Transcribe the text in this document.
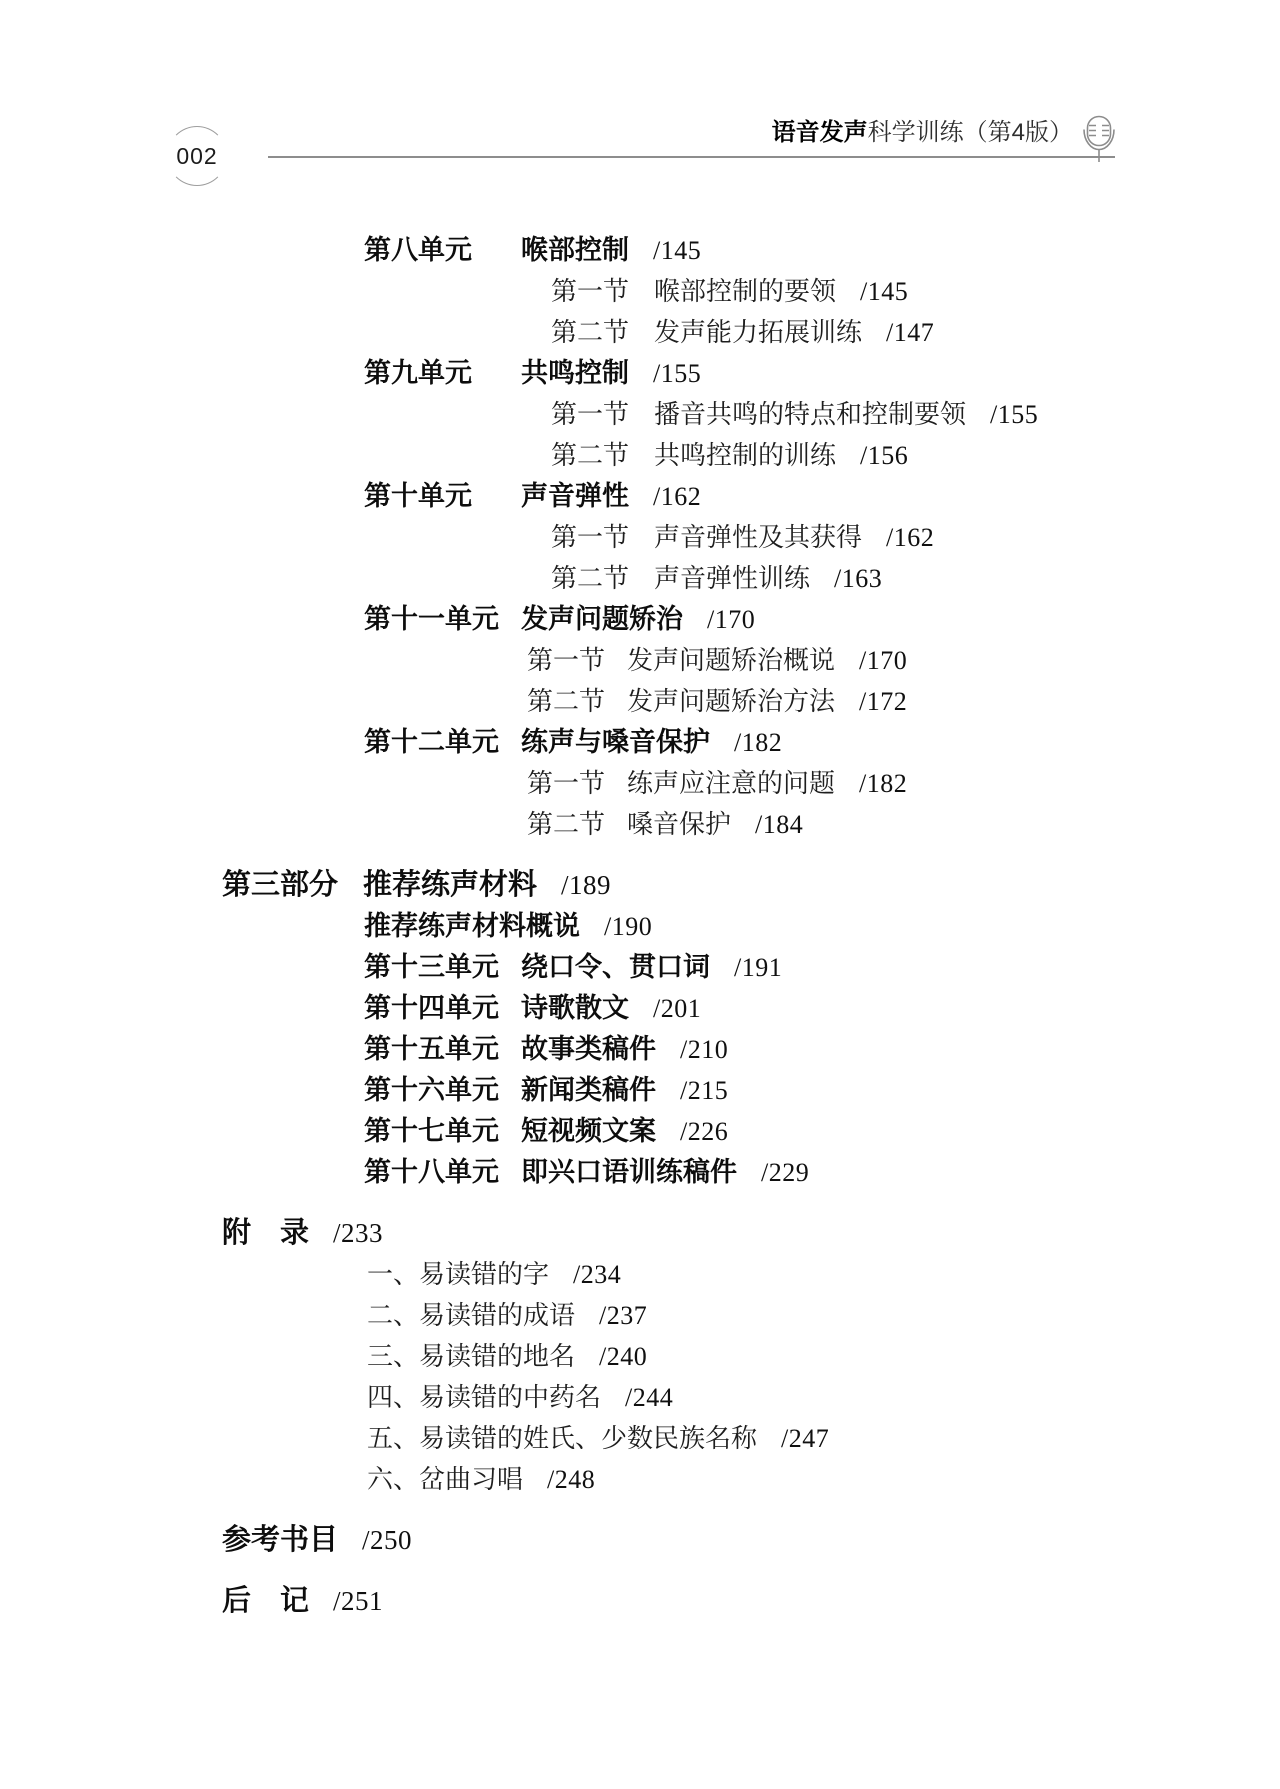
002
语音发声科学训练（第4版）
第八单元 喉部控制 /145
第一节 喉部控制的要领 /145
第二节 发声能力拓展训练 /147
第九单元 共鸣控制 /155
第一节 播音共鸣的特点和控制要领 /155
第二节 共鸣控制的训练 /156
第十单元 声音弹性 /162
第一节 声音弹性及其获得 /162
第二节 声音弹性训练 /163
第十一单元 发声问题矫治 /170
第一节 发声问题矫治概说 /170
第二节 发声问题矫治方法 /172
第十二单元 练声与嗓音保护 /182
第一节 练声应注意的问题 /182
第二节 嗓音保护 /184
第三部分 推荐练声材料 /189
推荐练声材料概说 /190
第十三单元 绕口令、贯口词 /191
第十四单元 诗歌散文 /201
第十五单元 故事类稿件 /210
第十六单元 新闻类稿件 /215
第十七单元 短视频文案 /226
第十八单元 即兴口语训练稿件 /229
附　录 /233
一、易读错的字 /234
二、易读错的成语 /237
三、易读错的地名 /240
四、易读错的中药名 /244
五、易读错的姓氏、少数民族名称 /247
六、岔曲习唱 /248
参考书目 /250
后　记 /251
